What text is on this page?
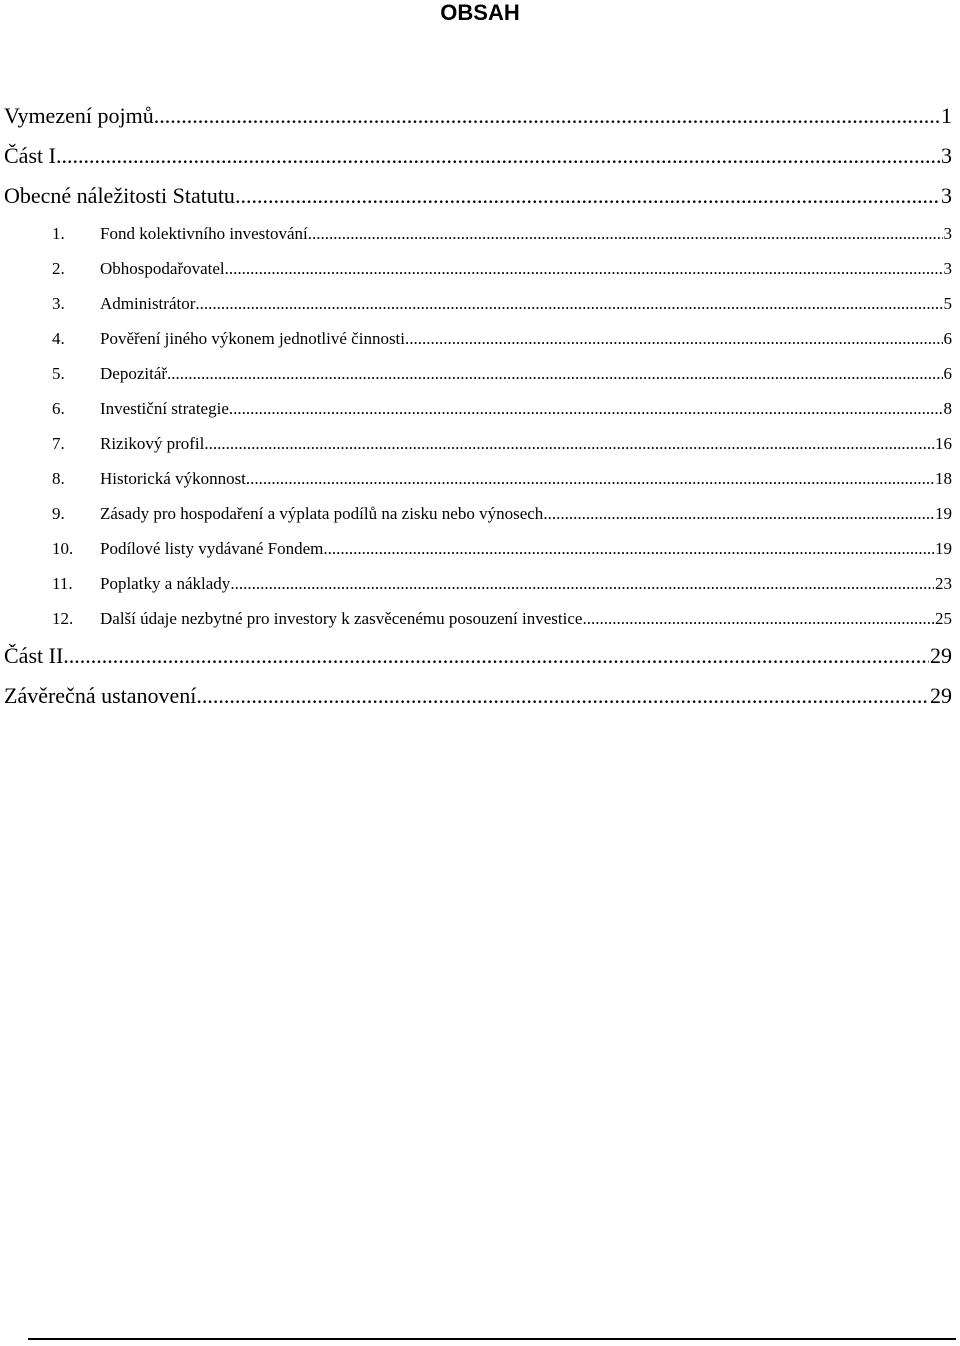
OBSAH
Vymezení pojmů .....	1
Část I. .....	3
Obecné náležitosti Statutu .....	3
1.	Fond kolektivního investování .....	3
2.	Obhospodařovatel .....	3
3.	Administrátor .....	5
4.	Pověření jiného výkonem jednotlivé činnosti .....	6
5.	Depozitář .....	6
6.	Investiční strategie .....	8
7.	Rizikový profil .....	16
8.	Historická výkonnost .....	18
9.	Zásady pro hospodaření a výplata podílů na zisku nebo výnosech .....	19
10.	Podílové listy vydávané Fondem .....	19
11.	Poplatky a náklady .....	23
12.	Další údaje nezbytné pro investory k zasvěcenému posouzení investice .....	25
Část II. .....	29
Závěrečná ustanovení .....	29
